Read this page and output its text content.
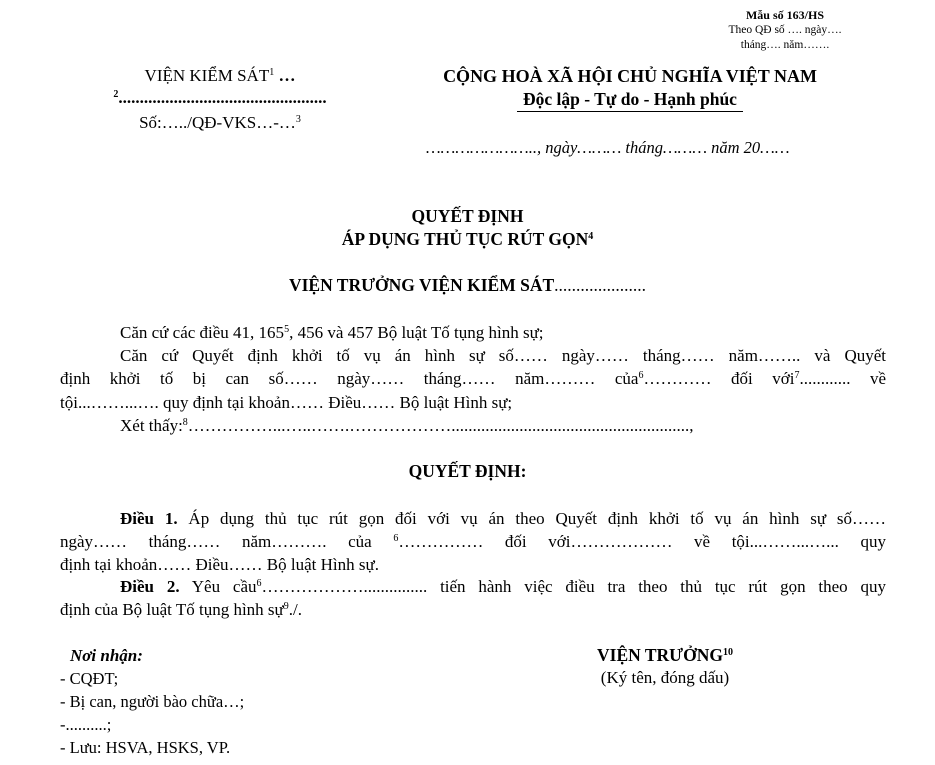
Mẫu số 163/HS
Theo QĐ số …. ngày….
tháng…. năm…….
VIỆN KIỂM SÁT$^1$ …
$^2$.................................................
Số:…../QĐ-VKS…-…$^3$
CỘNG HOÀ XÃ HỘI CHỦ NGHĨA VIỆT NAM
Độc lập - Tự do - Hạnh phúc
………………….., ngày……… tháng……… năm 20……
QUYẾT ĐỊNH
ÁP DỤNG THỦ TỤC RÚT GỌN$^4$
VIỆN TRƯỞNG VIỆN KIỂM SÁT.....................
Căn cứ các điều 41, $165^5$, 456 và 457 Bộ luật Tố tụng hình sự;
Căn cứ Quyết định khởi tố vụ án hình sự số…… ngày…… tháng…… năm…….. và Quyết
định khởi tố bị can số…… ngày…… tháng…… năm……… của$^6$………… đối với$^7$............ về
tội...……...…. quy định tại khoản…… Điều…… Bộ luật Hình sự;
Xét thấy:$^8$……………...…..…….………………........................................................,
QUYẾT ĐỊNH:
Điều 1. Áp dụng thủ tục rút gọn đối với vụ án theo Quyết định khởi tố vụ án hình sự số……
ngày…… tháng…… năm………. của $^6$…………… đối với……………… về tội...……...…... quy
định tại khoản…… Điều…… Bộ luật Hình sự.
Điều 2. Yêu cầu$^6$………………............... tiến hành việc điều tra theo thủ tục rút gọn theo quy
định của Bộ luật Tố tụng hình sự$^9$./.
Nơi nhận:
- CQĐT;
- Bị can, người bào chữa…;
-..........;
- Lưu: HSVA, HSKS, VP.
VIỆN TRƯỞNG$^{10}$
(Ký tên, đóng dấu)
